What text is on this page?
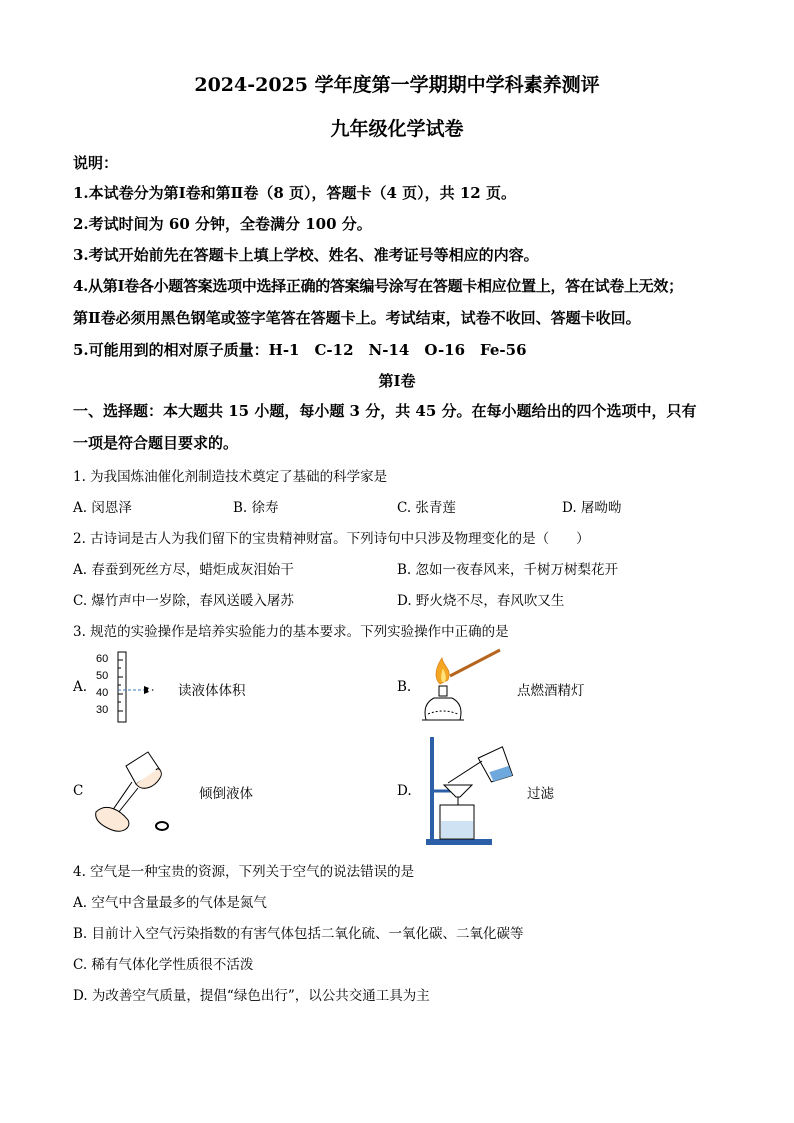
2024-2025 学年度第一学期期中学科素养测评
九年级化学试卷
说明：
1.本试卷分为第Ⅰ卷和第Ⅱ卷（8 页），答题卡（4 页），共 12 页。
2.考试时间为 60 分钟，全卷满分 100 分。
3.考试开始前先在答题卡上填上学校、姓名、准考证号等相应的内容。
4.从第Ⅰ卷各小题答案选项中选择正确的答案编号涂写在答题卡相应位置上，答在试卷上无效；
第Ⅱ卷必须用黑色钢笔或签字笔答在答题卡上。考试结束，试卷不收回、答题卡收回。
5.可能用到的相对原子质量：H-1　C-12　N-14　O-16　Fe-56
第Ⅰ卷
一、选择题：本大题共 15 小题，每小题 3 分，共 45 分。在每小题给出的四个选项中，只有
一项是符合题目要求的。
1. 为我国炼油催化剂制造技术奠定了基础的科学家是
A. 闵恩泽	B. 徐寿	C. 张青莲	D. 屠呦呦
2. 古诗词是古人为我们留下的宝贵精神财富。下列诗句中只涉及物理变化的是（　　）
A. 春蚕到死丝方尽，蜡炬成灰泪始干	B. 忽如一夜春风来，千树万树梨花开
C. 爆竹声中一岁除，春风送暖入屠苏	D. 野火烧不尽，春风吹又生
3. 规范的实验操作是培养实验能力的基本要求。下列实验操作中正确的是
A.
60
50
40
30
读液体体积	B.	点燃酒精灯
C	倾倒液体	D.	过滤
4. 空气是一种宝贵的资源，下列关于空气的说法错误的是
A. 空气中含量最多的气体是氮气
B. 目前计入空气污染指数的有害气体包括二氧化硫、一氧化碳、二氧化碳等
C. 稀有气体化学性质很不活泼
D. 为改善空气质量，提倡“绿色出行”，以公共交通工具为主
